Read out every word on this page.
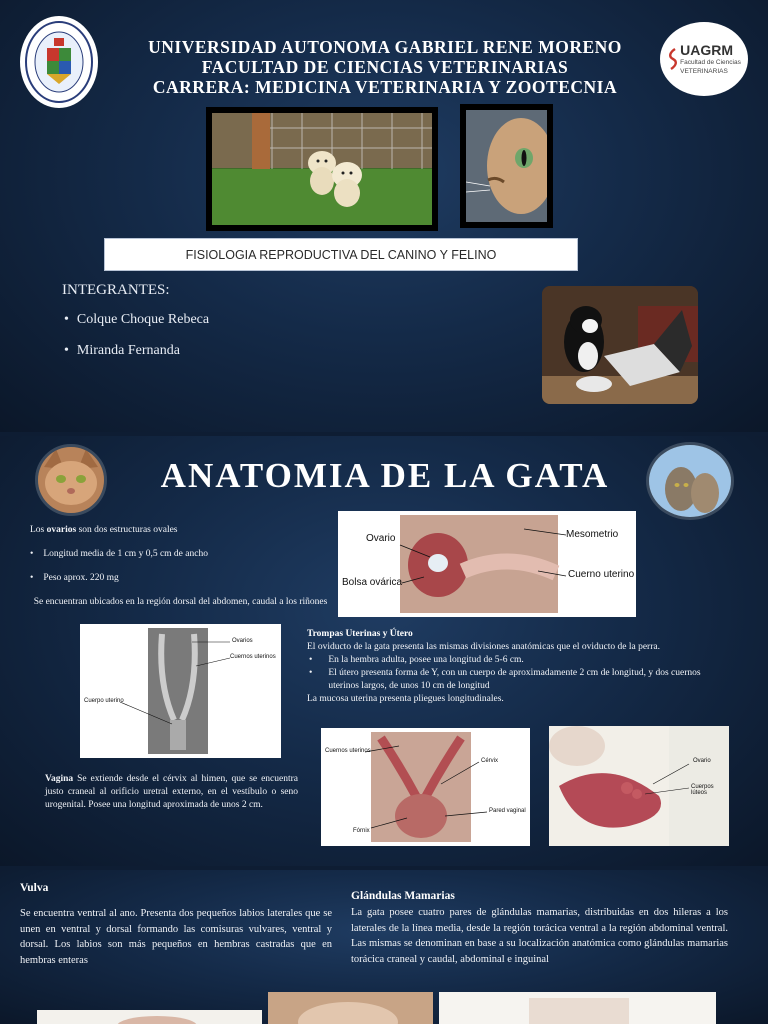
UNIVERSIDAD AUTONOMA GABRIEL RENE MORENO
FACULTAD DE CIENCIAS VETERINARIAS
CARRERA: MEDICINA VETERINARIA Y ZOOTECNIA
UAGRM
Facultad de Ciencias
VETERINARIAS
FISIOLOGIA REPRODUCTIVA DEL CANINO Y FELINO
INTEGRANTES:
• Colque Choque Rebeca
• Miranda Fernanda
ANATOMIA DE LA GATA
Los ovarios son dos estructuras ovales
• Longitud media de 1 cm y 0,5 cm de ancho
• Peso aprox. 220 mg
Se encuentran ubicados en la región dorsal del abdomen, caudal a los riñones
Ovario	Mesometrio
Cuerno uterino
Bolsa ovárica
Ovarios
Cuernos uterinos
Cuerpo uterino
Trompas Uterinas y Útero
El oviducto de la gata presenta las mismas divisiones anatómicas que el oviducto de la perra.
•	En la hembra adulta, posee una longitud de 5-6 cm.
•	El útero presenta forma de Y, con un cuerpo de aproximadamente 2 cm de longitud, y dos cuernos uterinos largos, de unos 10 cm de longitud
La mucosa uterina presenta pliegues longitudinales.
Vagina Se extiende desde el cérvix al himen, que se encuentra justo craneal al orificio uretral externo, en el vestíbulo o seno urogenital. Posee una longitud aproximada de unos 2 cm.
Cuernos uterinos
Cérvix
Fórnix
Pared vaginal
Ovario
Cuerpos lúteos
Vulva
Se encuentra ventral al ano. Presenta dos pequeños labios laterales que se unen en ventral y dorsal formando las comisuras vulvares, ventral y dorsal. Los labios son más pequeños en hembras castradas que en hembras enteras
Glándulas Mamarias
La gata posee cuatro pares de glándulas mamarias, distribuidas en dos hileras a los laterales de la línea media, desde la región torácica ventral a la región abdominal ventral. Las mismas se denominan en base a su localización anatómica como glándulas mamarias torácica craneal y caudal, abdominal e inguinal
